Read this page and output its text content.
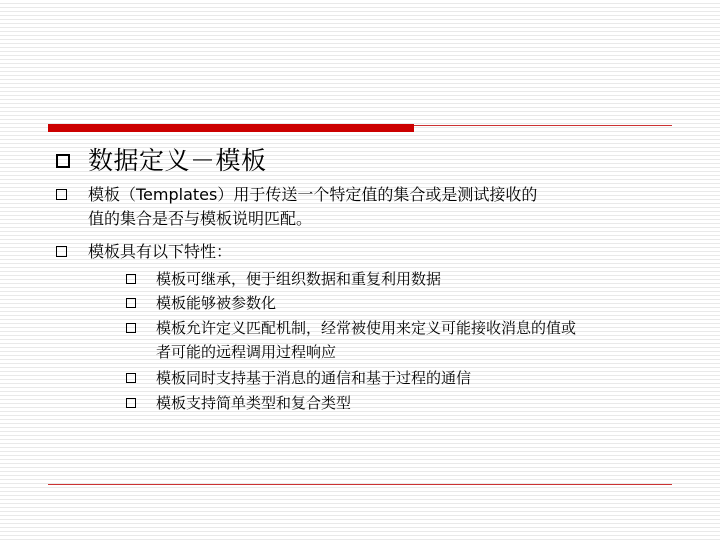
数据定义－模板
模板（Templates）用于传送一个特定值的集合或是测试接收的
值的集合是否与模板说明匹配。
模板具有以下特性：
模板可继承，便于组织数据和重复利用数据
模板能够被参数化
模板允许定义匹配机制，经常被使用来定义可能接收消息的值或
者可能的远程调用过程响应
模板同时支持基于消息的通信和基于过程的通信
模板支持简单类型和复合类型
